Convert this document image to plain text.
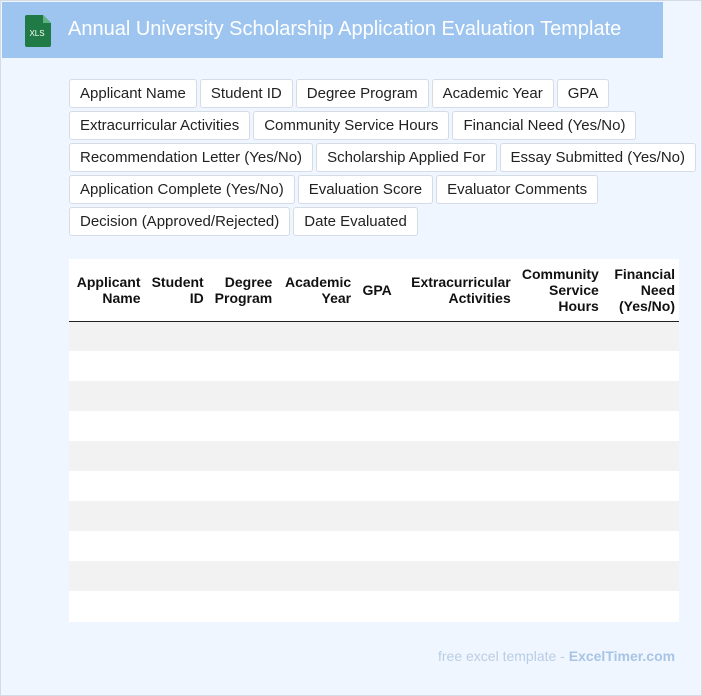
XLS Annual University Scholarship Application Evaluation Template
Applicant Name	Student ID	Degree Program	Academic Year	GPA
Extracurricular Activities	Community Service Hours	Financial Need (Yes/No)
Recommendation Letter (Yes/No)	Scholarship Applied For	Essay Submitted (Yes/No)
Application Complete (Yes/No)	Evaluation Score	Evaluator Comments
Decision (Approved/Rejected)	Date Evaluated
Applicant Name	Student ID	Degree Program	Academic Year	GPA	Extracurricular Activities	Community Service Hours	Financial Need (Yes/No)

free excel template - ExcelTimer.com
